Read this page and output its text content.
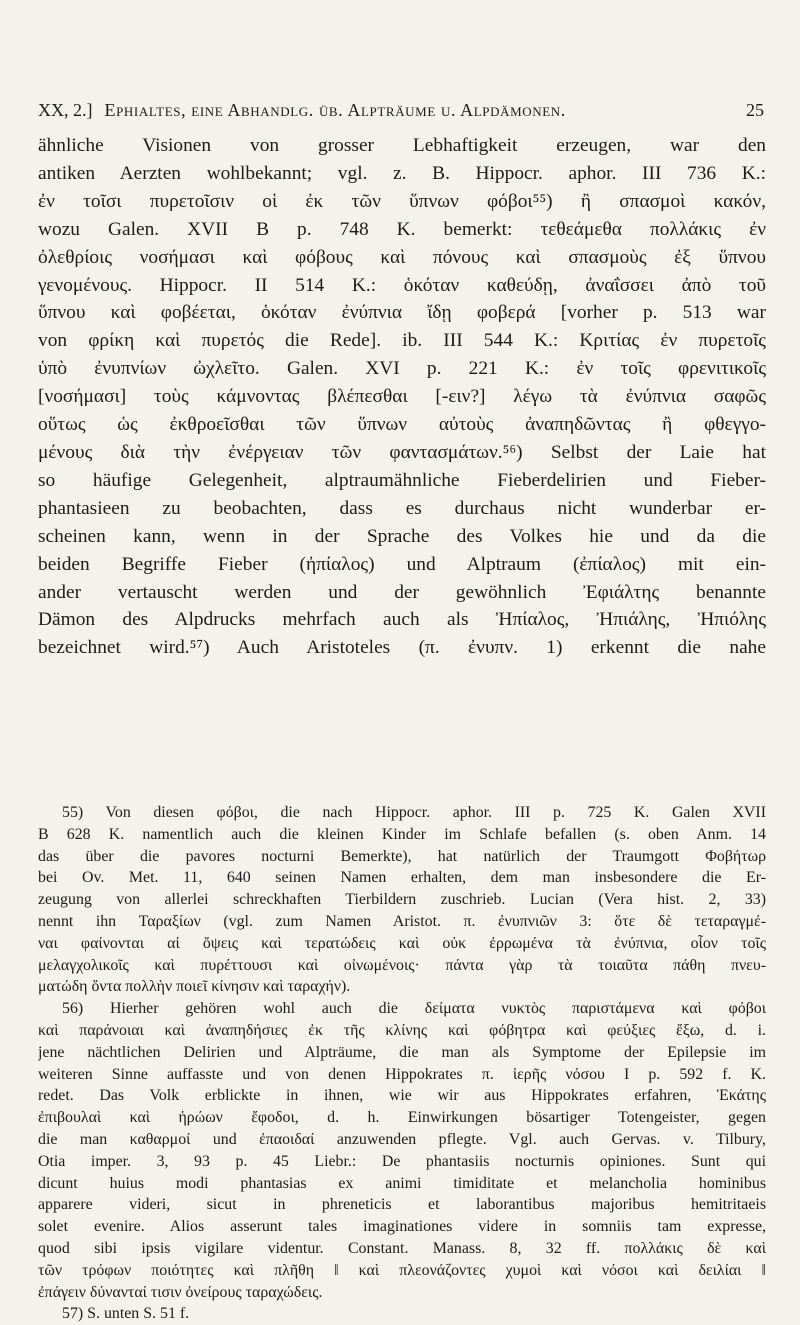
XX, 2.] Ephialtes, eine Abhandlg. üb. Alpträume u. Alpdämonen.	25
ähnliche Visionen von grosser Lebhaftigkeit erzeugen, war den
antiken Aerzten wohlbekannt; vgl. z. B. Hippocr. aphor. III 736 K.:
ἐν τοῖσι πυρετοῖσιν οἱ ἐκ τῶν ὕπνων φόβοι⁵⁵) ἢ σπασμοὶ κακόν,
wozu Galen. XVII B p. 748 K. bemerkt: τεθεάμεθα πολλάκις ἐν
ὀλεθρίοις νοσήμασι καὶ φόβους καὶ πόνους καὶ σπασμοὺς ἐξ ὕπνου
γενομένους. Hippocr. II 514 K.: ὁκόταν καθεύδῃ, ἀναΐσσει ἀπὸ τοῦ
ὕπνου καὶ φοβέεται, ὁκόταν ἐνύπνια ἴδῃ φοβερά [vorher p. 513 war
von φρίκη καὶ πυρετός die Rede]. ib. III 544 K.: Κριτίας ἐν πυρετοῖς
ὑπὸ ἐνυπνίων ὠχλεῖτο. Galen. XVI p. 221 K.: ἐν τοῖς φρενιτικοῖς
[νοσήμασι] τοὺς κάμνοντας βλέπεσθαι [-ειν?] λέγω τὰ ἐνύπνια σαφῶς
οὕτως ὡς ἐκθροεῖσθαι τῶν ὕπνων αὐτοὺς ἀναπηδῶντας ἢ φθεγγο-
μένους διὰ τὴν ἐνέργειαν τῶν φαντασμάτων.⁵⁶) Selbst der Laie hat
so häufige Gelegenheit, alptraumähnliche Fieberdelirien und Fieber-
phantasieen zu beobachten, dass es durchaus nicht wunderbar er-
scheinen kann, wenn in der Sprache des Volkes hie und da die
beiden Begriffe Fieber (ἠπίαλος) und Alptraum (ἐπίαλος) mit ein-
ander vertauscht werden und der gewöhnlich Ἐφιάλτης benannte
Dämon des Alpdrucks mehrfach auch als Ἠπίαλος, Ἠπιάλης, Ἠπιόλης
bezeichnet wird.⁵⁷) Auch Aristoteles (π. ἐνυπν. 1) erkennt die nahe
55) Von diesen φόβοι, die nach Hippocr. aphor. III p. 725 K. Galen XVII
B 628 K. namentlich auch die kleinen Kinder im Schlafe befallen (s. oben Anm. 14
das über die pavores nocturni Bemerkte), hat natürlich der Traumgott Φοβήτωρ
bei Ov. Met. 11, 640 seinen Namen erhalten, dem man insbesondere die Er-
zeugung von allerlei schreckhaften Tierbildern zuschrieb. Lucian (Vera hist. 2, 33)
nennt ihn Ταραξίων (vgl. zum Namen Aristot. π. ἐνυπνιῶν 3: ὅτε δὲ τεταραγμέ-
ναι φαίνονται αἱ ὄψεις καὶ τερατώδεις καὶ οὐκ ἐρρωμένα τὰ ἐνύπνια, οἷον τοῖς
μελαγχολικοῖς καὶ πυρέττουσι καὶ οἰνωμένοις· πάντα γὰρ τὰ τοιαῦτα πάθη πνευ-
ματώδη ὄντα πολλὴν ποιεῖ κίνησιν καὶ ταραχήν).
56) Hierher gehören wohl auch die δείματα νυκτὸς παριστάμενα καὶ φόβοι
καὶ παράνοιαι καὶ ἀναπηδήσιες ἐκ τῆς κλίνης καὶ φόβητρα καὶ φεύξιες ἔξω, d. i.
jene nächtlichen Delirien und Alpträume, die man als Symptome der Epilepsie im
weiteren Sinne auffasste und von denen Hippokrates π. ἱερῆς νόσου I p. 592 f. K.
redet. Das Volk erblickte in ihnen, wie wir aus Hippokrates erfahren, Ἑκάτης
ἐπιβουλαὶ καὶ ἡρώων ἔφοδοι, d. h. Einwirkungen bösartiger Totengeister, gegen
die man καθαρμοί und ἐπαοιδαί anzuwenden pflegte. Vgl. auch Gervas. v. Tilbury,
Otia imper. 3, 93 p. 45 Liebr.: De phantasiis nocturnis opiniones. Sunt qui
dicunt huius modi phantasias ex animi timiditate et melancholia hominibus
apparere videri, sicut in phreneticis et laborantibus majoribus hemitritaeis
solet evenire. Alios asserunt tales imaginationes videre in somniis tam expresse,
quod sibi ipsis vigilare videntur. Constant. Manass. 8, 32 ff. πολλάκις δὲ καὶ
τῶν τρόφων ποιότητες καὶ πλῆθη ‖ καὶ πλεονάζοντες χυμοὶ καὶ νόσοι καὶ δειλίαι ‖
ἐπάγειν δύνανταί τισιν ὀνείρους ταραχώδεις.
57) S. unten S. 51 f.
